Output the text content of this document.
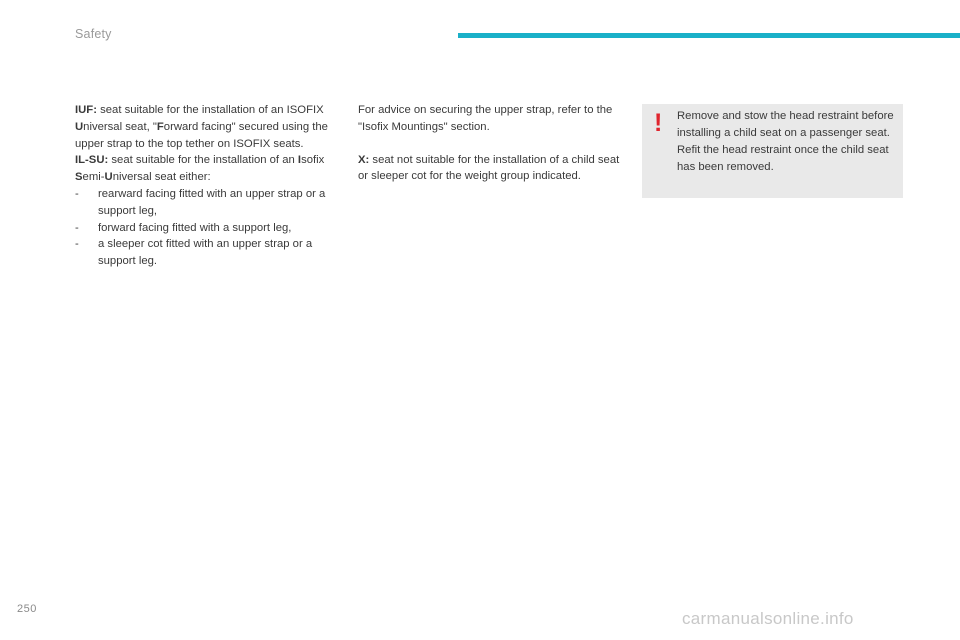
Safety

IUF: seat suitable for the installation of an ISOFIX Universal seat, "Forward facing" secured using the upper strap to the top tether on ISOFIX seats.

IL-SU: seat suitable for the installation of an Isofix Semi-Universal seat either:

- rearward facing fitted with an upper strap or a support leg,
- forward facing fitted with a support leg,
- a sleeper cot fitted with an upper strap or a support leg.

For advice on securing the upper strap, refer to the "Isofix Mountings" section.

X: seat not suitable for the installation of a child seat or sleeper cot for the weight group indicated.

! Remove and stow the head restraint before installing a child seat on a passenger seat. Refit the head restraint once the child seat has been removed.
250	carmanualsonline.info
